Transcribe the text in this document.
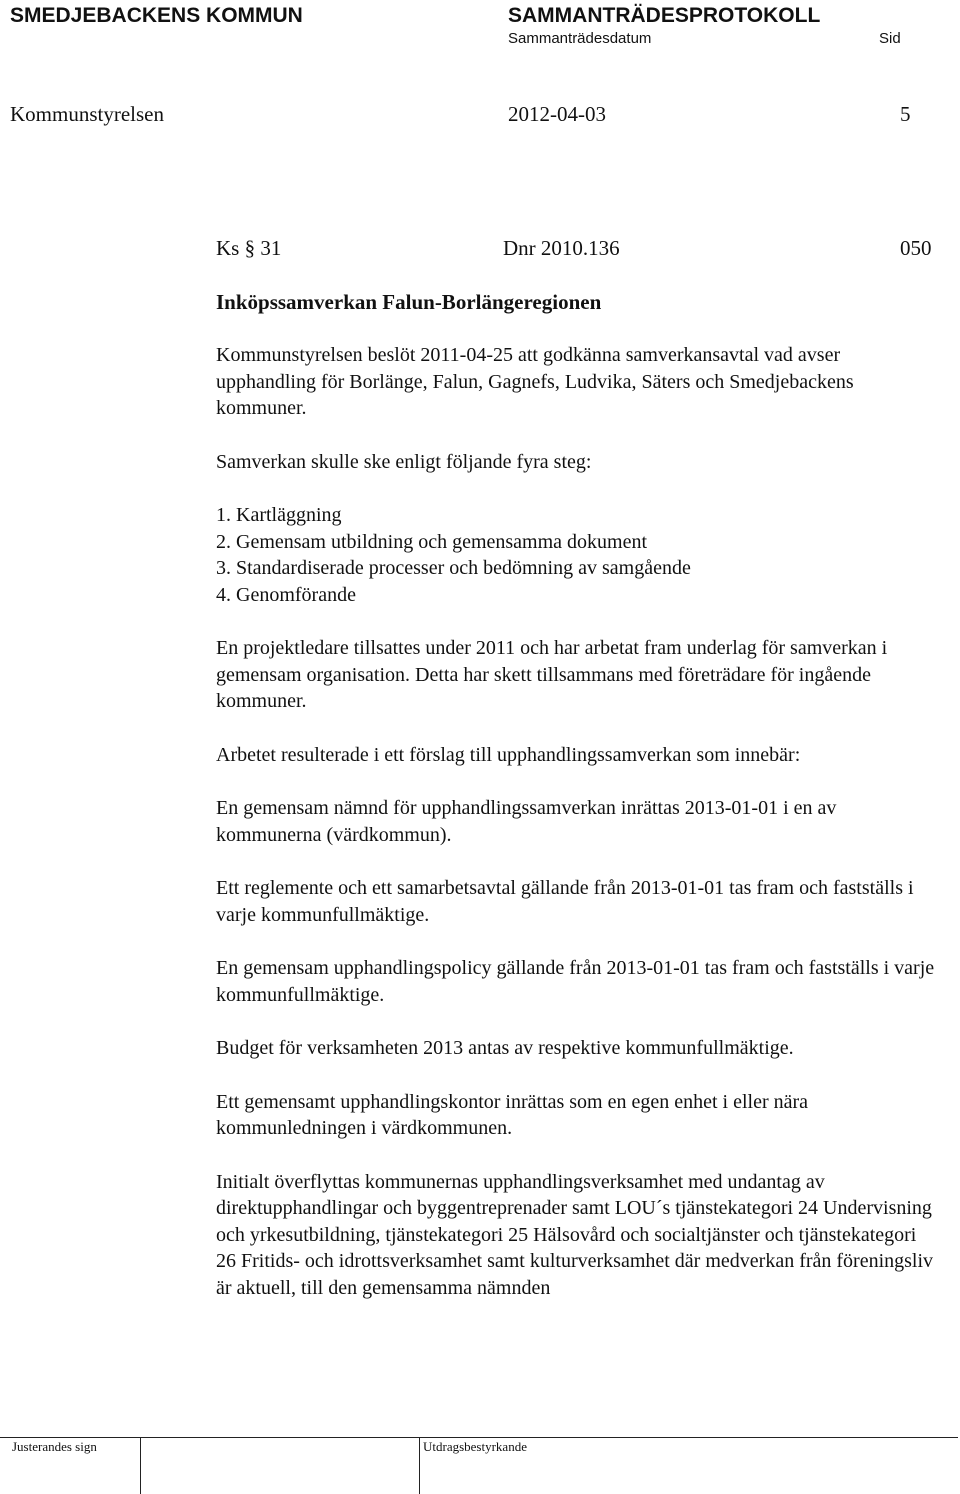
SMEDJEBACKENS KOMMUN	SAMMANTRÄDESPROTOKOLL
Sammanträdesdatum	Sid
Kommunstyrelsen	2012-04-03	5
Ks § 31	Dnr 2010.136	050
Inköpssamverkan Falun-Borlängeregionen

Kommunstyrelsen beslöt 2011-04-25 att godkänna samverkansavtal vad avser upphandling för Borlänge, Falun, Gagnefs, Ludvika, Säters och Smedjebackens kommuner.

Samverkan skulle ske enligt följande fyra steg:

1. Kartläggning
2. Gemensam utbildning och gemensamma dokument
3. Standardiserade processer och bedömning av samgående
4. Genomförande

En projektledare tillsattes under 2011 och har arbetat fram underlag för samverkan i gemensam organisation. Detta har skett tillsammans med företrädare för ingående kommuner.

Arbetet resulterade i ett förslag till upphandlingssamverkan som innebär:

En gemensam nämnd för upphandlingssamverkan inrättas 2013-01-01 i en av kommunerna (värdkommun).

Ett reglemente och ett samarbetsavtal gällande från 2013-01-01 tas fram och fastställs i varje kommunfullmäktige.

En gemensam upphandlingspolicy gällande från 2013-01-01 tas fram och fastställs i varje kommunfullmäktige.

Budget för verksamheten 2013 antas av respektive kommunfullmäktige.

Ett gemensamt upphandlingskontor inrättas som en egen enhet i eller nära kommunledningen i värdkommunen.

Initialt överflyttas kommunernas upphandlingsverksamhet med undantag av direktupphandlingar och byggentreprenader samt LOU´s tjänstekategori 24 Undervisning och yrkesutbildning, tjänstekategori 25 Hälsovård och socialtjänster och tjänstekategori 26 Fritids- och idrottsverksamhet samt kulturverksamhet där medverkan från föreningsliv är aktuell, till den gemensamma nämnden

Justerandes sign	Utdragsbestyrkande
